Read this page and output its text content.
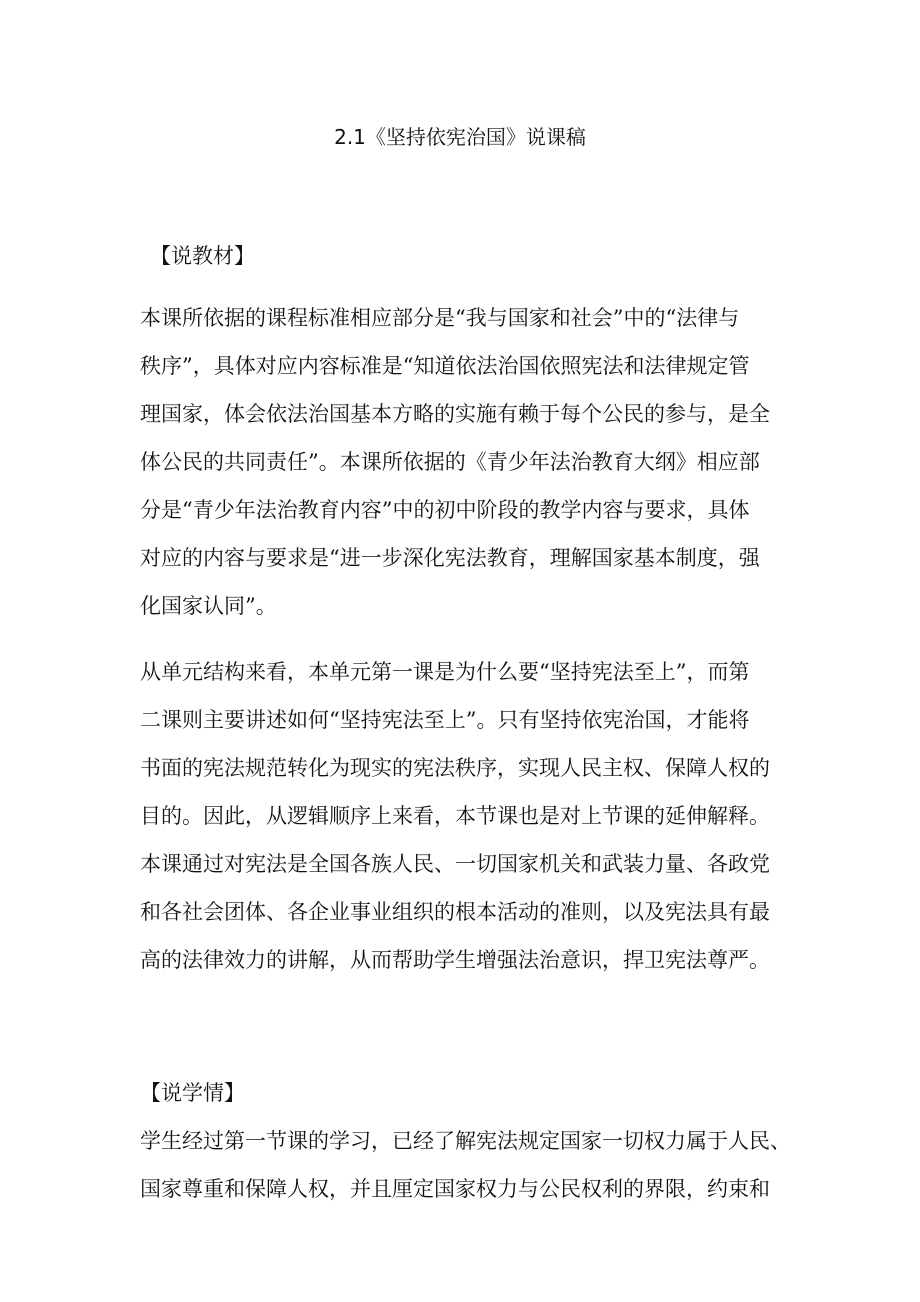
2.1《坚持依宪治国》说课稿
【说教材】

本课所依据的课程标准相应部分是“我与国家和社会”中的“法律与
秩序”，具体对应内容标准是“知道依法治国依照宪法和法律规定管
理国家，体会依法治国基本方略的实施有赖于每个公民的参与，是全
体公民的共同责任”。本课所依据的《青少年法治教育大纲》相应部
分是“青少年法治教育内容”中的初中阶段的教学内容与要求，具体
对应的内容与要求是“进一步深化宪法教育，理解国家基本制度，强
化国家认同”。

从单元结构来看，本单元第一课是为什么要“坚持宪法至上”，而第
二课则主要讲述如何“坚持宪法至上”。只有坚持依宪治国，才能将
书面的宪法规范转化为现实的宪法秩序，实现人民主权、保障人权的
目的。因此，从逻辑顺序上来看，本节课也是对上节课的延伸解释。
本课通过对宪法是全国各族人民、一切国家机关和武装力量、各政党
和各社会团体、各企业事业组织的根本活动的准则，以及宪法具有最
高的法律效力的讲解，从而帮助学生增强法治意识，捍卫宪法尊严。

【说学情】

学生经过第一节课的学习，已经了解宪法规定国家一切权力属于人民、
国家尊重和保障人权，并且厘定国家权力与公民权利的界限，约束和
